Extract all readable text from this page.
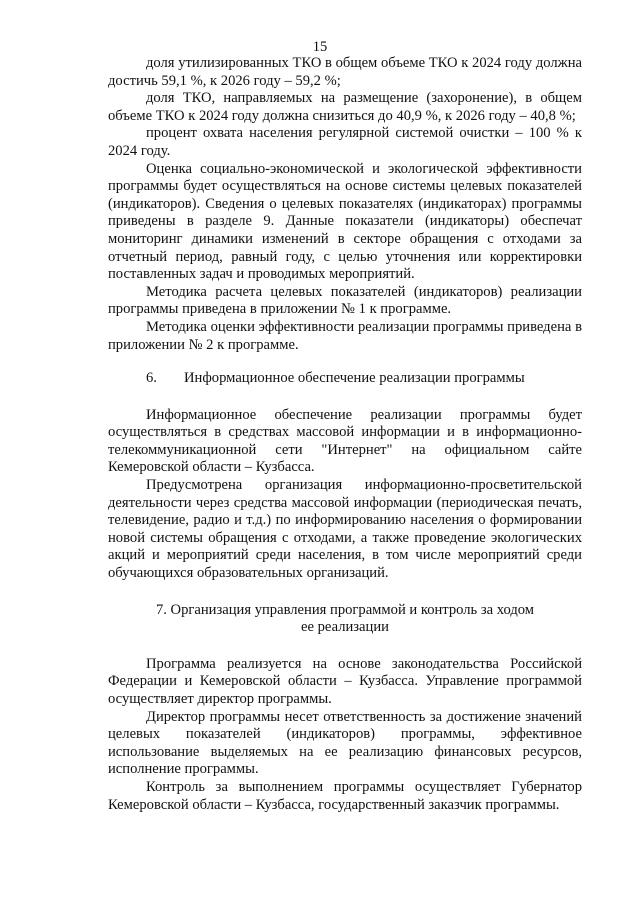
15

доля утилизированных ТКО в общем объеме ТКО к 2024 году должна достичь 59,1 %, к 2026 году – 59,2 %;

доля ТКО, направляемых на размещение (захоронение), в общем объеме ТКО к 2024 году должна снизиться до 40,9 %, к 2026 году – 40,8 %;

процент охвата населения регулярной системой очистки – 100 % к 2024 году.

Оценка социально-экономической и экологической эффективности программы будет осуществляться на основе системы целевых показателей (индикаторов). Сведения о целевых показателях (индикаторах) программы приведены в разделе 9. Данные показатели (индикаторы) обеспечат мониторинг динамики изменений в секторе обращения с отходами за отчетный период, равный году, с целью уточнения или корректировки поставленных задач и проводимых мероприятий.

Методика расчета целевых показателей (индикаторов) реализации программы приведена в приложении № 1 к программе.

Методика оценки эффективности реализации программы приведена в приложении № 2 к программе.

6. Информационное обеспечение реализации программы

Информационное обеспечение реализации программы будет осуществляться в средствах массовой информации и в информационно-телекоммуникационной сети "Интернет" на официальном сайте Кемеровской области – Кузбасса.

Предусмотрена организация информационно-просветительской деятельности через средства массовой информации (периодическая печать, телевидение, радио и т.д.) по информированию населения о формировании новой системы обращения с отходами, а также проведение экологических акций и мероприятий среди населения, в том числе мероприятий среди обучающихся образовательных организаций.

7. Организация управления программой и контроль за ходом
ее реализации

Программа реализуется на основе законодательства Российской Федерации и Кемеровской области – Кузбасса. Управление программой осуществляет директор программы.

Директор программы несет ответственность за достижение значений целевых показателей (индикаторов) программы, эффективное использование выделяемых на ее реализацию финансовых ресурсов, исполнение программы.

Контроль за выполнением программы осуществляет Губернатор Кемеровской области – Кузбасса, государственный заказчик программы.
